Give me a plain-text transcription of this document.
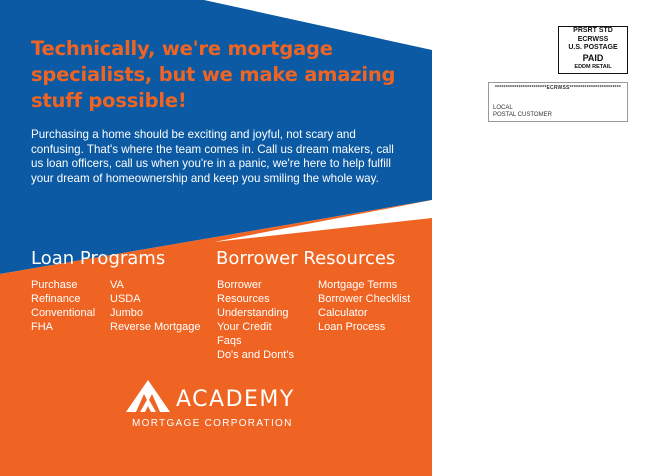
Technically, we're mortgage specialists, but we make amazing stuff possible!

Purchasing a home should be exciting and joyful, not scary and confusing. That's where the team comes in. Call us dream makers, call us loan officers, call us when you're in a panic, we're here to help fulfill your dream of homeownership and keep you smiling the whole way.

Loan Programs
Purchase
Refinance
Conventional
FHA
VA
USDA
Jumbo
Reverse Mortgage
Borrower Resources
Borrower
Resources
Understanding
Your Credit
Faqs
Do's and Dont's
Mortgage Terms
Borrower Checklist
Calculator
Loan Process
ACADEMY
MORTGAGE CORPORATION
PRSRT STD
ECRWSS
U.S. POSTAGE
PAID
EDDM RETAIL
************************ECRWSS************************
LOCAL
POSTAL CUSTOMER
